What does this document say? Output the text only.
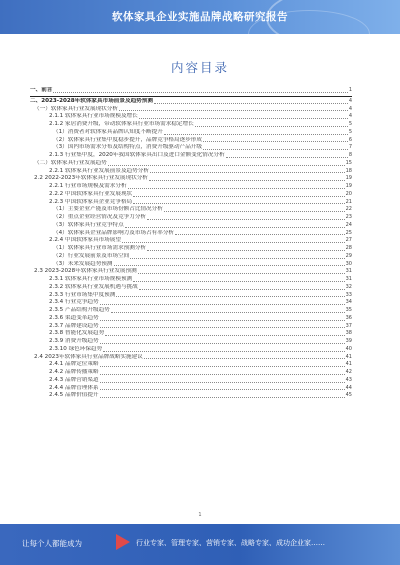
软体家具企业实施品牌战略研究报告
内容目录
一、前言	1
二、2023-2028年软体家具市场前景及趋势预测	4
（一）软体家具行业发展现状分析	4
2.1.1 软体家具行业市场规模及增长	4
2.1.2 家居消费升级，带动软体家具行业市场需求稳定增长	5
（1）消费者对软体家具品牌认知度不断提升	5
（2）软体家具行业集中度稳步提升，品牌竞争格局逐步形成	6
（3）国内市场需求分布及结构特点，消费升级驱动产品升级	7
2.1.3 行业集中度，2020年我国软体家具出口及进口金额变化情况分析	8
（二）软体家具行业发展趋势	15
2.2.1 软体家具行业发展前景及趋势分析	18
2.2 2022-2023年软体家具行业发展现状分析	19
2.2.1 行业市场规模及需求分析	19
2.2.2 中国软体家具行业发展现状	20
2.2.3 中国软体家具企业竞争格局	21
（1）主要企业产能及市场份额占比情况分析	22
（2）重点企业经营情况及竞争力分析	23
（3）软体家具行业竞争特点	24
（4）软体家具企业品牌影响力及市场占有率分析	25
2.2.4 中国软体家具市场展望	27
（1）软体家具行业市场需求预测分析	28
（2）行业发展前景及市场空间	29
（3）未来发展趋势预测	30
2.3 2023-2028年软体家具行业发展预测	31
2.3.1 软体家具行业市场规模预测	31
2.3.2 软体家具行业发展机遇与挑战	32
2.3.3 行业市场集中度预测	33
2.3.4 行业竞争趋势	34
2.3.5 产品结构升级趋势	35
2.3.6 渠道变革趋势	36
2.3.7 品牌建设趋势	37
2.3.8 智能化发展趋势	38
2.3.9 消费升级趋势	39
2.3.10 绿色环保趋势	40
2.4 2023年软体家具行业品牌战略实施建议	41
2.4.1 品牌定位策略	41
2.4.2 品牌传播策略	42
2.4.3 品牌营销渠道	43
2.4.4 品牌管理体系	44
2.4.5 品牌价值提升	45
1
让每个人都能成为	行业专家、管理专家、营销专家、战略专家、成功企业家……
